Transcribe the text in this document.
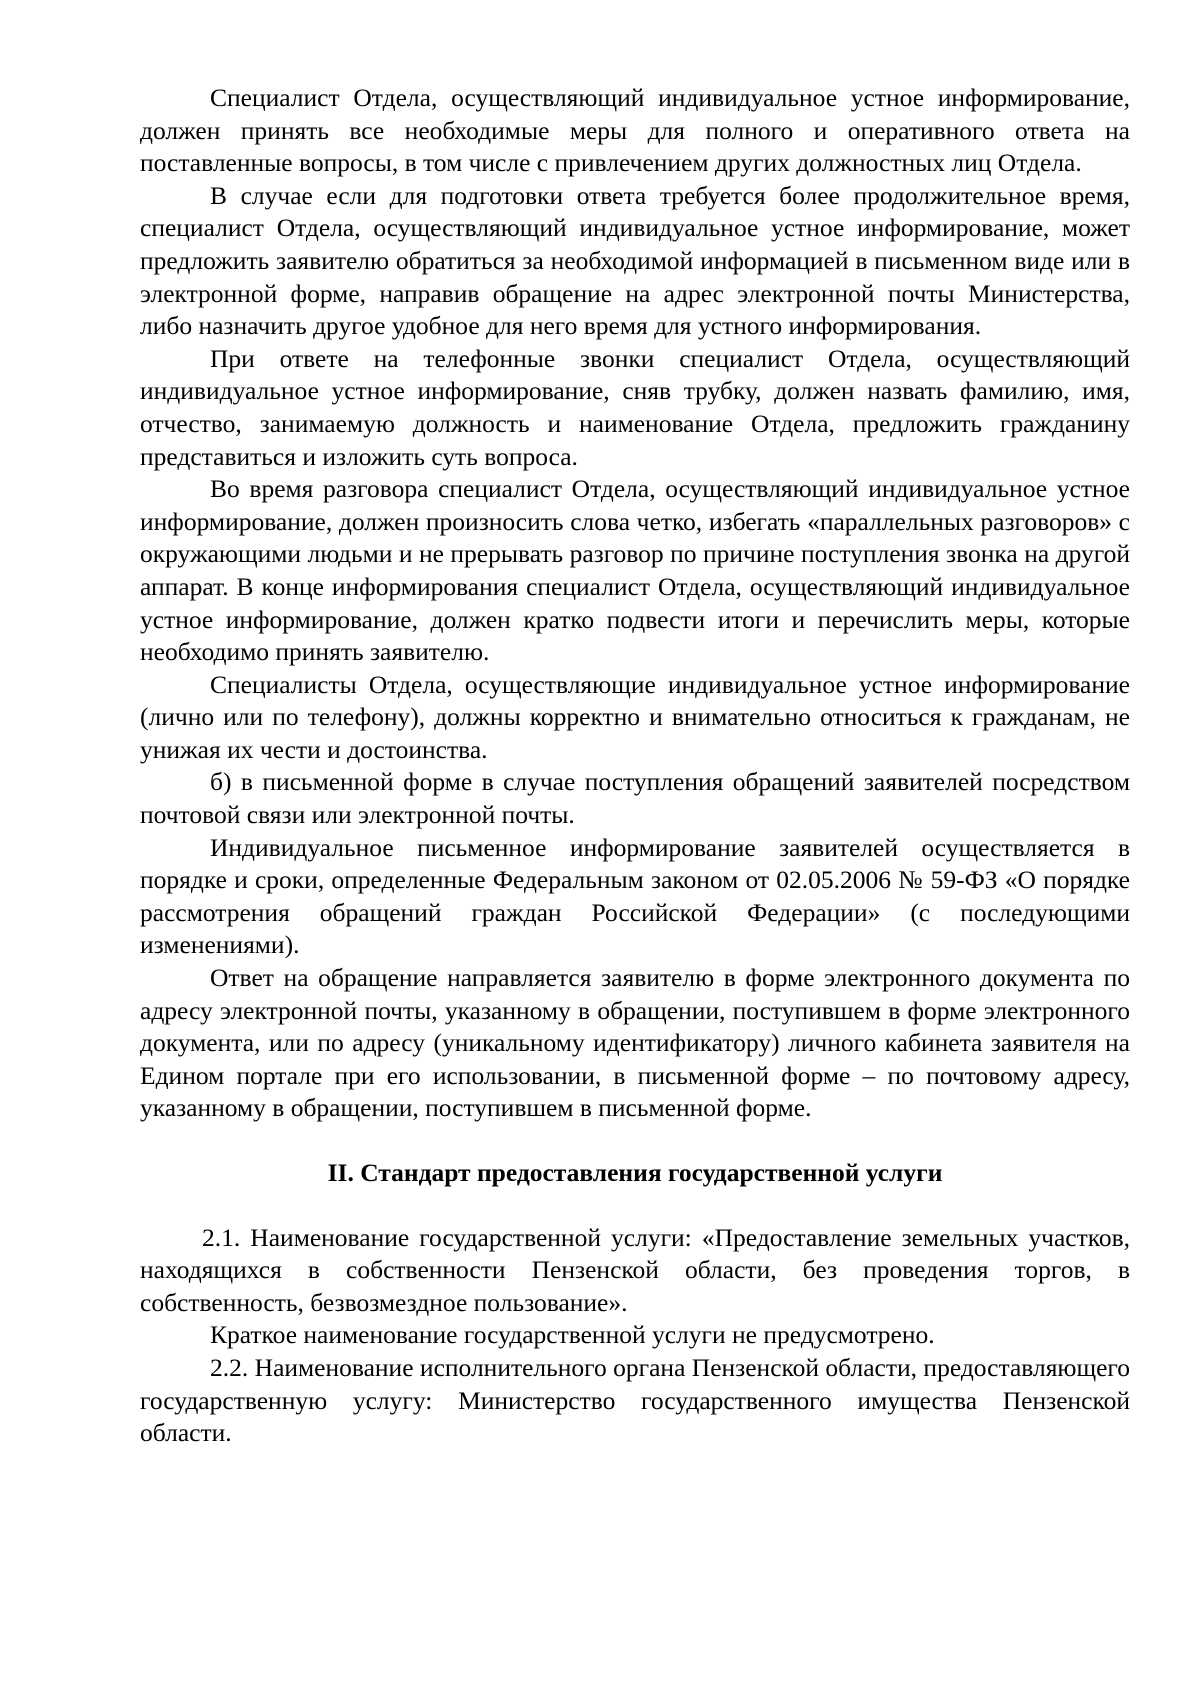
Специалист Отдела, осуществляющий индивидуальное устное информирование, должен принять все необходимые меры для полного и оперативного ответа на поставленные вопросы, в том числе с привлечением других должностных лиц Отдела.

В случае если для подготовки ответа требуется более продолжительное время, специалист Отдела, осуществляющий индивидуальное устное информирование, может предложить заявителю обратиться за необходимой информацией в письменном виде или в электронной форме, направив обращение на адрес электронной почты Министерства, либо назначить другое удобное для него время для устного информирования.

При ответе на телефонные звонки специалист Отдела, осуществляющий индивидуальное устное информирование, сняв трубку, должен назвать фамилию, имя, отчество, занимаемую должность и наименование Отдела, предложить гражданину представиться и изложить суть вопроса.

Во время разговора специалист Отдела, осуществляющий индивидуальное устное информирование, должен произносить слова четко, избегать «параллельных разговоров» с окружающими людьми и не прерывать разговор по причине поступления звонка на другой аппарат. В конце информирования специалист Отдела, осуществляющий индивидуальное устное информирование, должен кратко подвести итоги и перечислить меры, которые необходимо принять заявителю.

Специалисты Отдела, осуществляющие индивидуальное устное информирование (лично или по телефону), должны корректно и внимательно относиться к гражданам, не унижая их чести и достоинства.

б) в письменной форме в случае поступления обращений заявителей посредством почтовой связи или электронной почты.

Индивидуальное письменное информирование заявителей осуществляется в порядке и сроки, определенные Федеральным законом от 02.05.2006 № 59-ФЗ «О порядке рассмотрения обращений граждан Российской Федерации» (с последующими изменениями).

Ответ на обращение направляется заявителю в форме электронного документа по адресу электронной почты, указанному в обращении, поступившем в форме электронного документа, или по адресу (уникальному идентификатору) личного кабинета заявителя на Едином портале при его использовании, в письменной форме – по почтовому адресу, указанному в обращении, поступившем в письменной форме.

II. Стандарт предоставления государственной услуги

2.1. Наименование государственной услуги: «Предоставление земельных участков, находящихся в собственности Пензенской области, без проведения торгов, в собственность, безвозмездное пользование».

Краткое наименование государственной услуги не предусмотрено.

2.2. Наименование исполнительного органа Пензенской области, предоставляющего государственную услугу: Министерство государственного имущества Пензенской области.
